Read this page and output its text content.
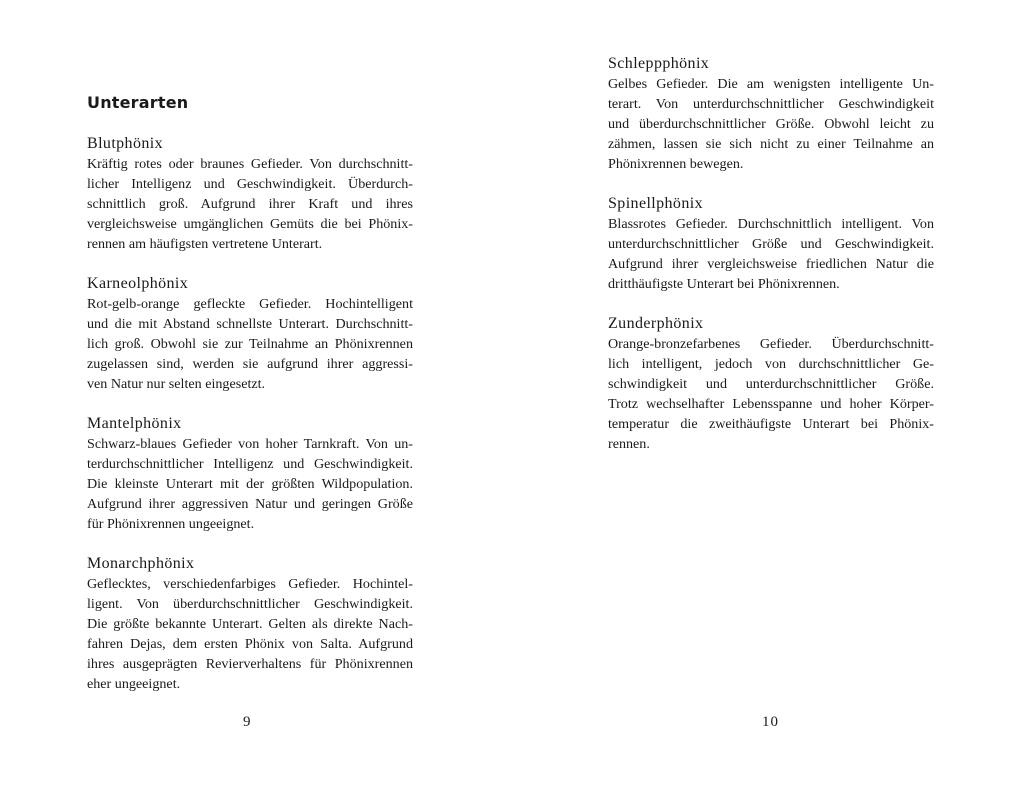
Unterarten
Blutphönix
Kräftig rotes oder braunes Gefieder. Von durchschnitt-
licher Intelligenz und Geschwindigkeit. Überdurch-
schnittlich groß. Aufgrund ihrer Kraft und ihres
vergleichsweise umgänglichen Gemüts die bei Phönix-
rennen am häufigsten vertretene Unterart.
Karneolphönix
Rot-gelb-orange gefleckte Gefieder. Hochintelligent
und die mit Abstand schnellste Unterart. Durchschnitt-
lich groß. Obwohl sie zur Teilnahme an Phönixrennen
zugelassen sind, werden sie aufgrund ihrer aggressi-
ven Natur nur selten eingesetzt.
Mantelphönix
Schwarz-blaues Gefieder von hoher Tarnkraft. Von un-
terdurchschnittlicher Intelligenz und Geschwindigkeit.
Die kleinste Unterart mit der größten Wildpopulation.
Aufgrund ihrer aggressiven Natur und geringen Größe
für Phönixrennen ungeeignet.
Monarchphönix
Geflecktes, verschiedenfarbiges Gefieder. Hochintel-
ligent. Von überdurchschnittlicher Geschwindigkeit.
Die größte bekannte Unterart. Gelten als direkte Nach-
fahren Dejas, dem ersten Phönix von Salta. Aufgrund
ihres ausgeprägten Revierverhaltens für Phönixrennen
eher ungeeignet.
9
Schleppphönix
Gelbes Gefieder. Die am wenigsten intelligente Un-
terart. Von unterdurchschnittlicher Geschwindigkeit
und überdurchschnittlicher Größe. Obwohl leicht zu
zähmen, lassen sie sich nicht zu einer Teilnahme an
Phönixrennen bewegen.
Spinellphönix
Blassrotes Gefieder. Durchschnittlich intelligent. Von
unterdurchschnittlicher Größe und Geschwindigkeit.
Aufgrund ihrer vergleichsweise friedlichen Natur die
dritthäufigste Unterart bei Phönixrennen.
Zunderphönix
Orange-bronzefarbenes Gefieder. Überdurchschnitt-
lich intelligent, jedoch von durchschnittlicher Ge-
schwindigkeit und unterdurchschnittlicher Größe.
Trotz wechselhafter Lebensspanne und hoher Körper-
temperatur die zweithäufigste Unterart bei Phönix-
rennen.
10
